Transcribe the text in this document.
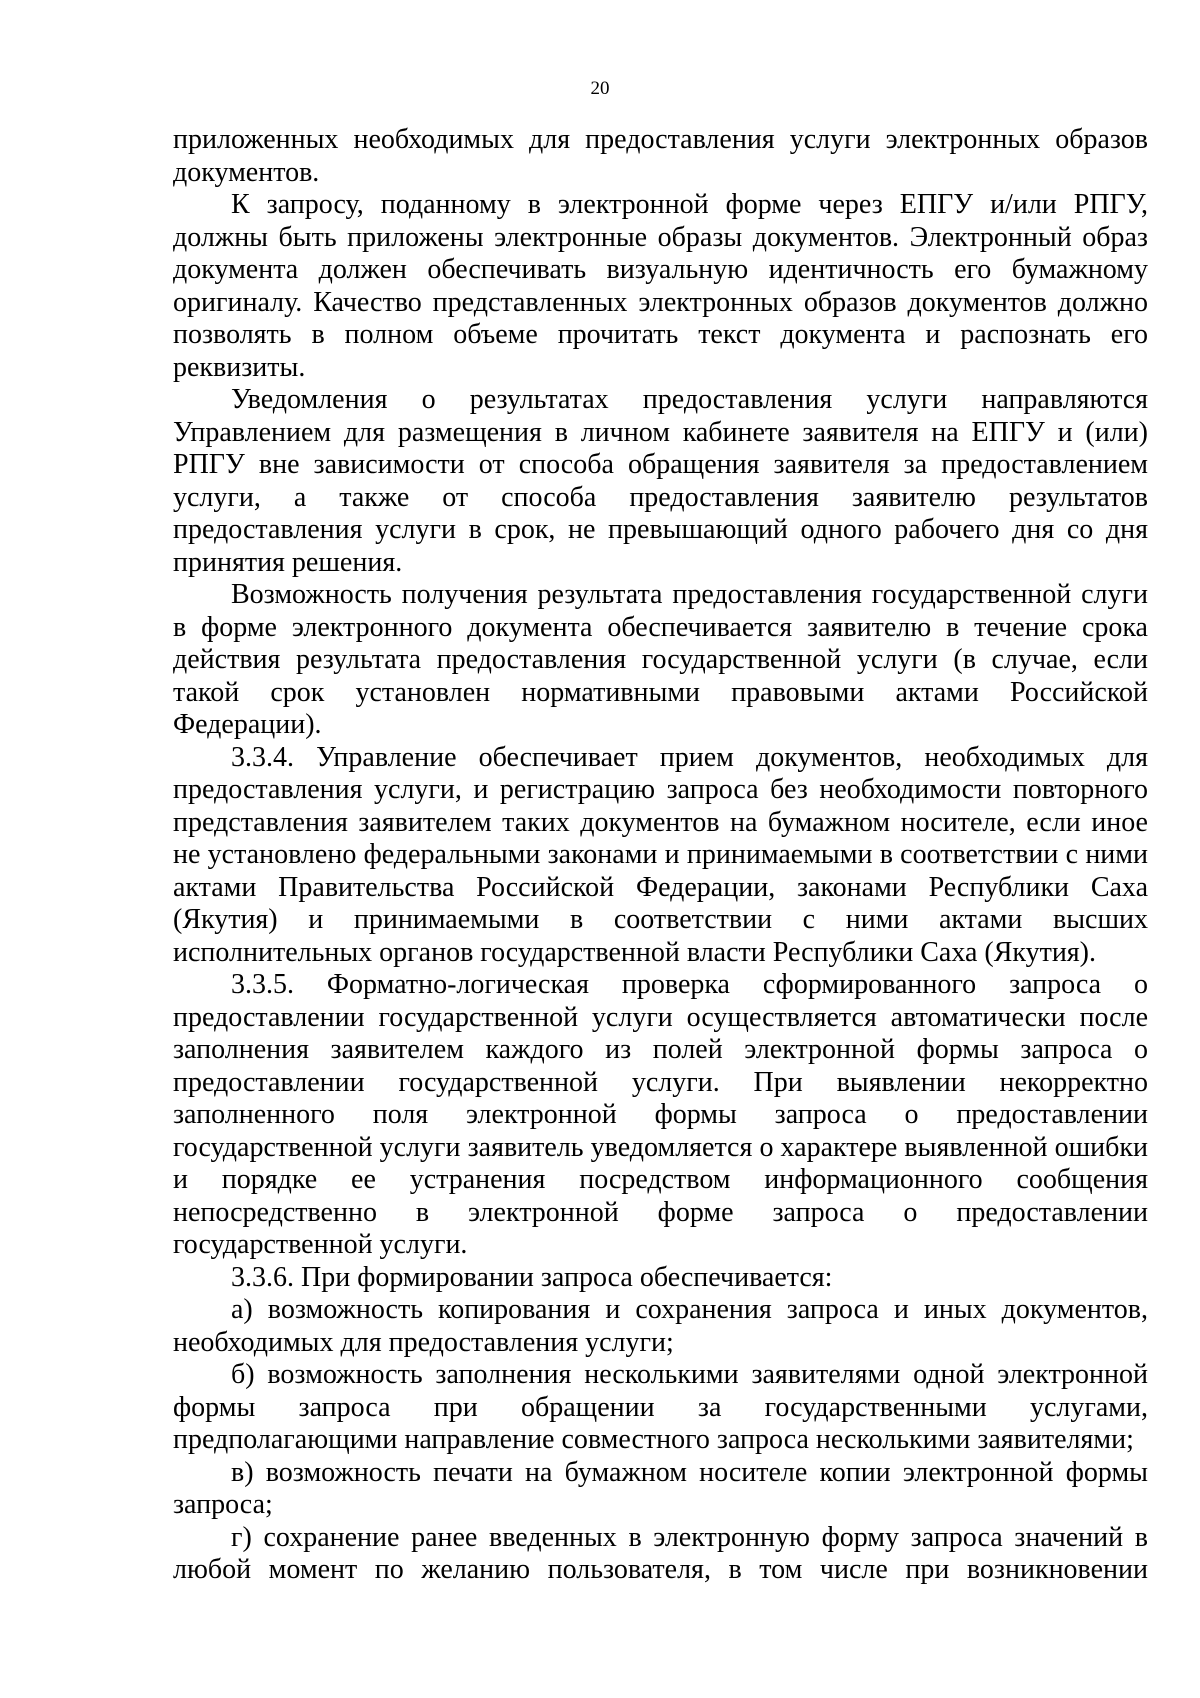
20

приложенных необходимых для предоставления услуги электронных образов документов.

К запросу, поданному в электронной форме через ЕПГУ и/или РПГУ, должны быть приложены электронные образы документов. Электронный образ документа должен обеспечивать визуальную идентичность его бумажному оригиналу. Качество представленных электронных образов документов должно позволять в полном объеме прочитать текст документа и распознать его реквизиты.

Уведомления о результатах предоставления услуги направляются Управлением для размещения в личном кабинете заявителя на ЕПГУ и (или) РПГУ вне зависимости от способа обращения заявителя за предоставлением услуги, а также от способа предоставления заявителю результатов предоставления услуги в срок, не превышающий одного рабочего дня со дня принятия решения.

Возможность получения результата предоставления государственной слуги в форме электронного документа обеспечивается заявителю в течение срока действия результата предоставления государственной услуги (в случае, если такой срок установлен нормативными правовыми актами Российской Федерации).

3.3.4. Управление обеспечивает прием документов, необходимых для предоставления услуги, и регистрацию запроса без необходимости повторного представления заявителем таких документов на бумажном носителе, если иное не установлено федеральными законами и принимаемыми в соответствии с ними актами Правительства Российской Федерации, законами Республики Саха (Якутия) и принимаемыми в соответствии с ними актами высших исполнительных органов государственной власти Республики Саха (Якутия).

3.3.5. Форматно-логическая проверка сформированного запроса о предоставлении государственной услуги осуществляется автоматически после заполнения заявителем каждого из полей электронной формы запроса о предоставлении государственной услуги. При выявлении некорректно заполненного поля электронной формы запроса о предоставлении государственной услуги заявитель уведомляется о характере выявленной ошибки и порядке ее устранения посредством информационного сообщения непосредственно в электронной форме запроса о предоставлении государственной услуги.

3.3.6. При формировании запроса обеспечивается:

а) возможность копирования и сохранения запроса и иных документов, необходимых для предоставления услуги;

б) возможность заполнения несколькими заявителями одной электронной формы запроса при обращении за государственными услугами, предполагающими направление совместного запроса несколькими заявителями;

в) возможность печати на бумажном носителе копии электронной формы запроса;

г) сохранение ранее введенных в электронную форму запроса значений в любой момент по желанию пользователя, в том числе при возникновении
